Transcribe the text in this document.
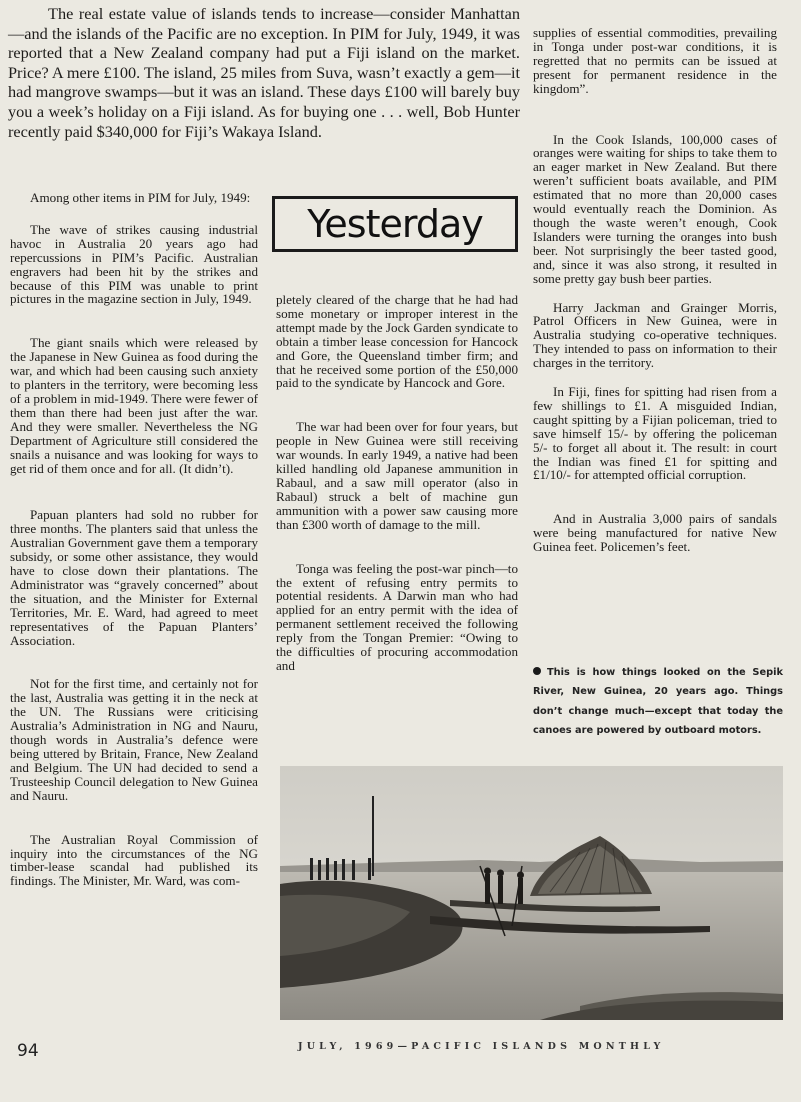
The real estate value of islands tends to increase—consider Manhattan—and the islands of the Pacific are no exception. In PIM for July, 1949, it was reported that a New Zealand company had put a Fiji island on the market. Price? A mere £100. The island, 25 miles from Suva, wasn’t exactly a gem—it had mangrove swamps—but it was an island. These days £100 will barely buy you a week’s holiday on a Fiji island. As for buying one . . . well, Bob Hunter recently paid $340,000 for Fiji’s Wakaya Island.
Yesterday

Among other items in PIM for July, 1949:

The wave of strikes causing industrial havoc in Australia 20 years ago had repercussions in PIM’s Pacific. Australian engravers had been hit by the strikes and because of this PIM was unable to print pictures in the magazine section in July, 1949.

The giant snails which were released by the Japanese in New Guinea as food during the war, and which had been causing such anxiety to planters in the territory, were becoming less of a problem in mid-1949. There were fewer of them than there had been just after the war. And they were smaller. Nevertheless the NG Department of Agriculture still considered the snails a nuisance and was looking for ways to get rid of them once and for all. (It didn’t).

Papuan planters had sold no rubber for three months. The planters said that unless the Australian Government gave them a temporary subsidy, or some other assistance, they would have to close down their plantations. The Administrator was “gravely concerned” about the situation, and the Minister for External Territories, Mr. E. Ward, had agreed to meet representatives of the Papuan Planters’ Association.

Not for the first time, and certainly not for the last, Australia was getting it in the neck at the UN. The Russians were criticising Australia’s Administration in NG and Nauru, though words in Australia’s defence were being uttered by Britain, France, New Zealand and Belgium. The UN had decided to send a Trusteeship Council delegation to New Guinea and Nauru.

The Australian Royal Commission of inquiry into the circumstances of the NG timber-lease scandal had published its findings. The Minister, Mr. Ward, was com-

pletely cleared of the charge that he had had some monetary or improper interest in the attempt made by the Jock Garden syndicate to obtain a timber lease concession for Hancock and Gore, the Queensland timber firm; and that he received some portion of the £50,000 paid to the syndicate by Hancock and Gore.

The war had been over for four years, but people in New Guinea were still receiving war wounds. In early 1949, a native had been killed handling old Japanese ammunition in Rabaul, and a saw mill operator (also in Rabaul) struck a belt of machine gun ammunition with a power saw causing more than £300 worth of damage to the mill.

Tonga was feeling the post-war pinch—to the extent of refusing entry permits to potential residents. A Darwin man who had applied for an entry permit with the idea of permanent settlement received the following reply from the Tongan Premier: “Owing to the difficulties of procuring accommodation and

supplies of essential commodities, prevailing in Tonga under post-war conditions, it is regretted that no permits can be issued at present for permanent residence in the kingdom”.

In the Cook Islands, 100,000 cases of oranges were waiting for ships to take them to an eager market in New Zealand. But there weren’t sufficient boats available, and PIM estimated that no more than 20,000 cases would eventually reach the Dominion. As though the waste weren’t enough, Cook Islanders were turning the oranges into bush beer. Not surprisingly the beer tasted good, and, since it was also strong, it resulted in some pretty gay bush beer parties.

Harry Jackman and Grainger Morris, Patrol Officers in New Guinea, were in Australia studying co-operative techniques. They intended to pass on information to their charges in the territory.

In Fiji, fines for spitting had risen from a few shillings to £1. A misguided Indian, caught spitting by a Fijian policeman, tried to save himself 15/- by offering the policeman 5/- to forget all about it. The result: in court the Indian was fined £1 for spitting and £1/10/- for attempted official corruption.

And in Australia 3,000 pairs of sandals were being manufactured for native New Guinea feet. Policemen’s feet.

This is how things looked on the Sepik River, New Guinea, 20 years ago. Things don’t change much—except that today the canoes are powered by outboard motors.
94	JULY, 1969—PACIFIC ISLANDS MONTHLY
